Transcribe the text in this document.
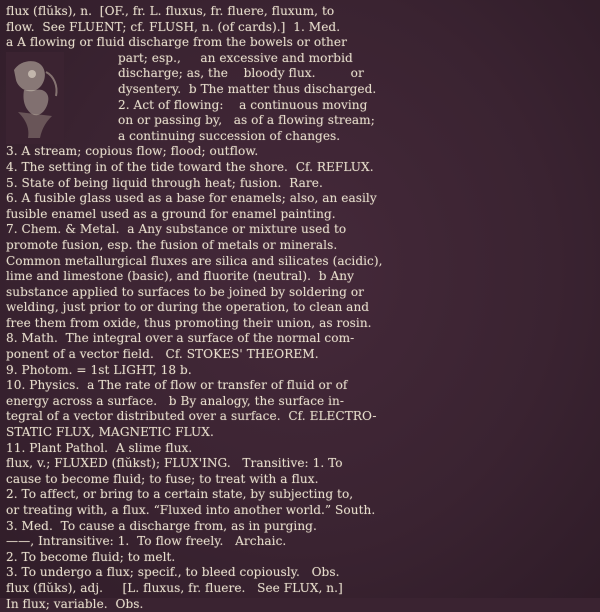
flux (flŭks), n.  [OF., fr. L. fluxus, fr. fluere, fluxum, to
flow.  See FLUENT; cf. FLUSH, n. (of cards).]  1. Med.
a A flowing or fluid discharge from the bowels or other
part; esp.,     an excessive and morbid
discharge; as, the    bloody flux.         or
dysentery.  b The matter thus discharged.
2. Act of flowing:    a continuous moving
on or passing by,   as of a flowing stream;
a continuing succession of changes.
3. A stream; copious flow; flood; outflow.
4. The setting in of the tide toward the shore.  Cf. REFLUX.
5. State of being liquid through heat; fusion.  Rare.
6. A fusible glass used as a base for enamels; also, an easily
fusible enamel used as a ground for enamel painting.
7. Chem. & Metal.  a Any substance or mixture used to
promote fusion, esp. the fusion of metals or minerals.
Common metallurgical fluxes are silica and silicates (acidic),
lime and limestone (basic), and fluorite (neutral).  b Any
substance applied to surfaces to be joined by soldering or
welding, just prior to or during the operation, to clean and
free them from oxide, thus promoting their union, as rosin.
8. Math.  The integral over a surface of the normal com-
ponent of a vector field.   Cf. STOKES' THEOREM.
9. Photom. = 1st LIGHT, 18 b.
10. Physics.  a The rate of flow or transfer of fluid or of
energy across a surface.   b By analogy, the surface in-
tegral of a vector distributed over a surface.  Cf. ELECTRO-
STATIC FLUX, MAGNETIC FLUX.
11. Plant Pathol.  A slime flux.
flux, v.; FLUXED (flŭkst); FLUX'ING.   Transitive: 1. To
cause to become fluid; to fuse; to treat with a flux.
2. To affect, or bring to a certain state, by subjecting to,
or treating with, a flux. “Fluxed into another world.” South.
3. Med.  To cause a discharge from, as in purging.
——, Intransitive: 1.  To flow freely.   Archaic.
2. To become fluid; to melt.
3. To undergo a flux; specif., to bleed copiously.   Obs.
flux (flŭks), adj.     [L. fluxus, fr. fluere.   See FLUX, n.]
In flux; variable.  Obs.
